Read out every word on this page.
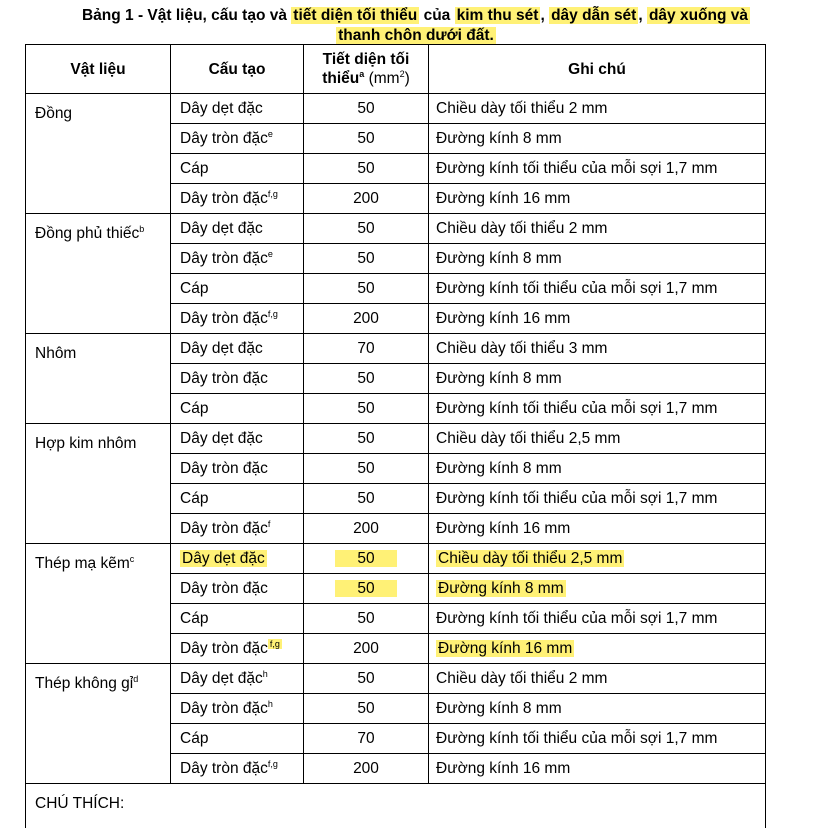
Bảng 1 - Vật liệu, cấu tạo và tiết diện tối thiểu của kim thu sét , dây dẫn sét , dây xuống và
thanh chôn dưới đất.
Vật liệu	Cấu tạo	Tiết diện tối
thiểu$^a$ $(mm^2)$	Ghi chú
Đồng	Dây dẹt đặc	50	Chiều dày tối thiểu 2 mm
	Dây tròn đặc$^e$	50	Đường kính 8 mm
	Cáp	50	Đường kính tối thiểu của mỗi sợi 1,7 mm
	Dây tròn đặc$^{f,g}$	200	Đường kính 16 mm
Đồng phủ thiếc$^b$	Dây dẹt đặc	50	Chiều dày tối thiểu 2 mm
	Dây tròn đặc$^e$	50	Đường kính 8 mm
	Cáp	50	Đường kính tối thiểu của mỗi sợi 1,7 mm
	Dây tròn đặc$^{f,g}$	200	Đường kính 16 mm
Nhôm	Dây dẹt đặc	70	Chiều dày tối thiểu 3 mm
	Dây tròn đặc	50	Đường kính 8 mm
	Cáp	50	Đường kính tối thiểu của mỗi sợi 1,7 mm
Hợp kim nhôm	Dây dẹt đặc	50	Chiều dày tối thiểu 2,5 mm
	Dây tròn đặc	50	Đường kính 8 mm
	Cáp	50	Đường kính tối thiểu của mỗi sợi 1,7 mm
	Dây tròn đặc$^f$	200	Đường kính 16 mm
Thép mạ kẽm$^c$	Dây dẹt đặc	50	Chiều dày tối thiểu 2,5 mm
	Dây tròn đặc	50	Đường kính 8 mm
	Cáp	50	Đường kính tối thiểu của mỗi sợi 1,7 mm
	Dây tròn đặc $^{f,g}$	200	Đường kính 16 mm
Thép không gỉ$^d$	Dây dẹt đặc$^h$	50	Chiều dày tối thiểu 2 mm
	Dây tròn đặc$^h$	50	Đường kính 8 mm
	Cáp	70	Đường kính tối thiểu của mỗi sợi 1,7 mm
	Dây tròn đặc$^{f,g}$	200	Đường kính 16 mm
CHÚ THÍCH:			
